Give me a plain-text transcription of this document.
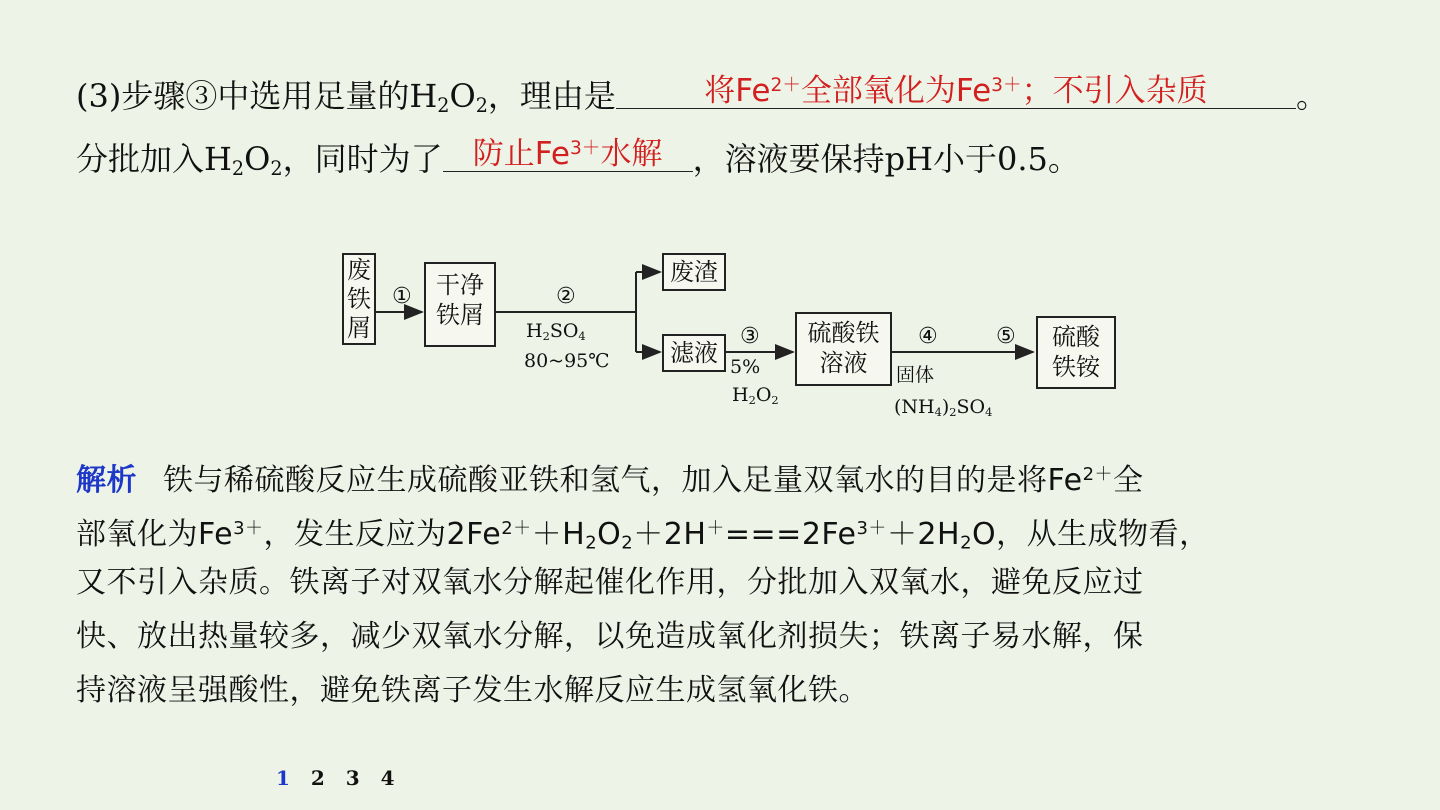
(3)步骤③中选用足量的$H_2O_2$，理由是	将$Fe^{2+}$全部氧化为$Fe^{3+}$；不引入杂质	。
分批加入$H_2O_2$，同时为了 防止$Fe^{3+}$水解 ，溶液要保持pH小于0.5。
废铁屑
干净铁屑
废渣
滤液
硫酸铁溶液
硫酸铁铵
①	②
③	④	⑤
$H_2SO_4$
80~95℃	5%
$H_2O_2$
固体
$(NH_4)_2SO_4$
解析 铁与稀硫酸反应生成硫酸亚铁和氢气，加入足量双氧水的目的是将$Fe^{2+}$全
部氧化为$Fe^{3+}$，发生反应为$2Fe^{2+}+H_2O_2+2H^+===2Fe^{3+}+2H_2O$，从生成物看，
又不引入杂质。铁离子对双氧水分解起催化作用，分批加入双氧水，避免反应过
快、放出热量较多，减少双氧水分解，以免造成氧化剂损失；铁离子易水解，保
持溶液呈强酸性，避免铁离子发生水解反应生成氢氧化铁。
1 2 3 4
